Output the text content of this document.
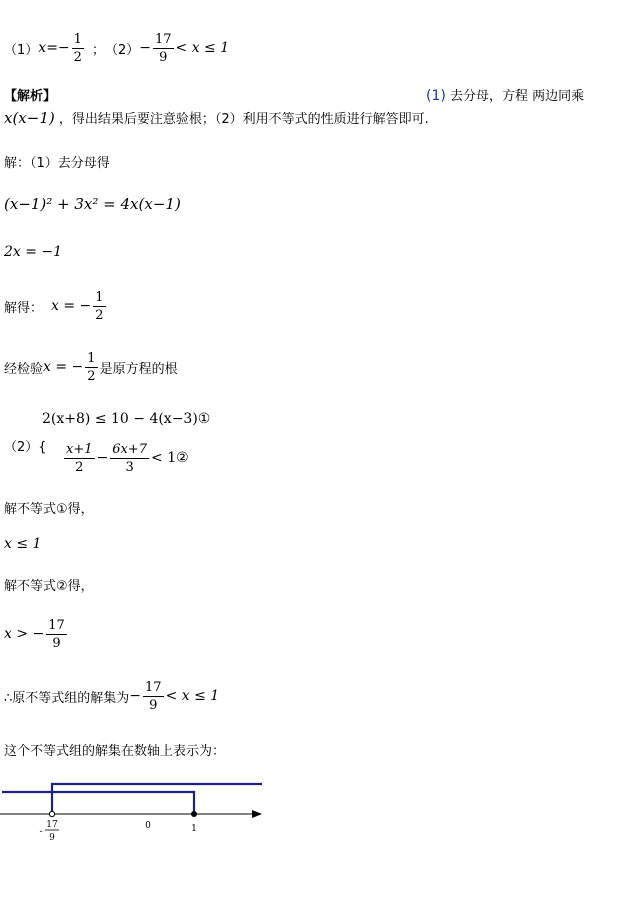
（1） $x =- \frac{1}{2}$ ； $(2) - \frac{17}{9} < x \le 1$
【解析】	(1) 去分母，方程 两边同乘
x(x−1) ，得出结果后要注意验根；（2）利用不等式的性质进行解答即可.
解：（1）去分母得
(x−1)² + 3x² = 4x(x−1)
2x = −1
解得： x = − $\frac{1}{2}$
经检验 x = − $\frac{1}{2}$ 是原方程的根
（2）{
2(x+8) ≤ 10 − 4(x−3)①
$\frac{x+1}{2} - \frac{6x+7}{3}$ < 1②
解不等式①得，
x ≤ 1
解不等式②得，
x > − $\frac{17}{9}$
∴原不等式组的解集为 − $\frac{17}{9} < x \le 1$
这个不等式组的解集在数轴上表示为：
0	1
-
17
9
